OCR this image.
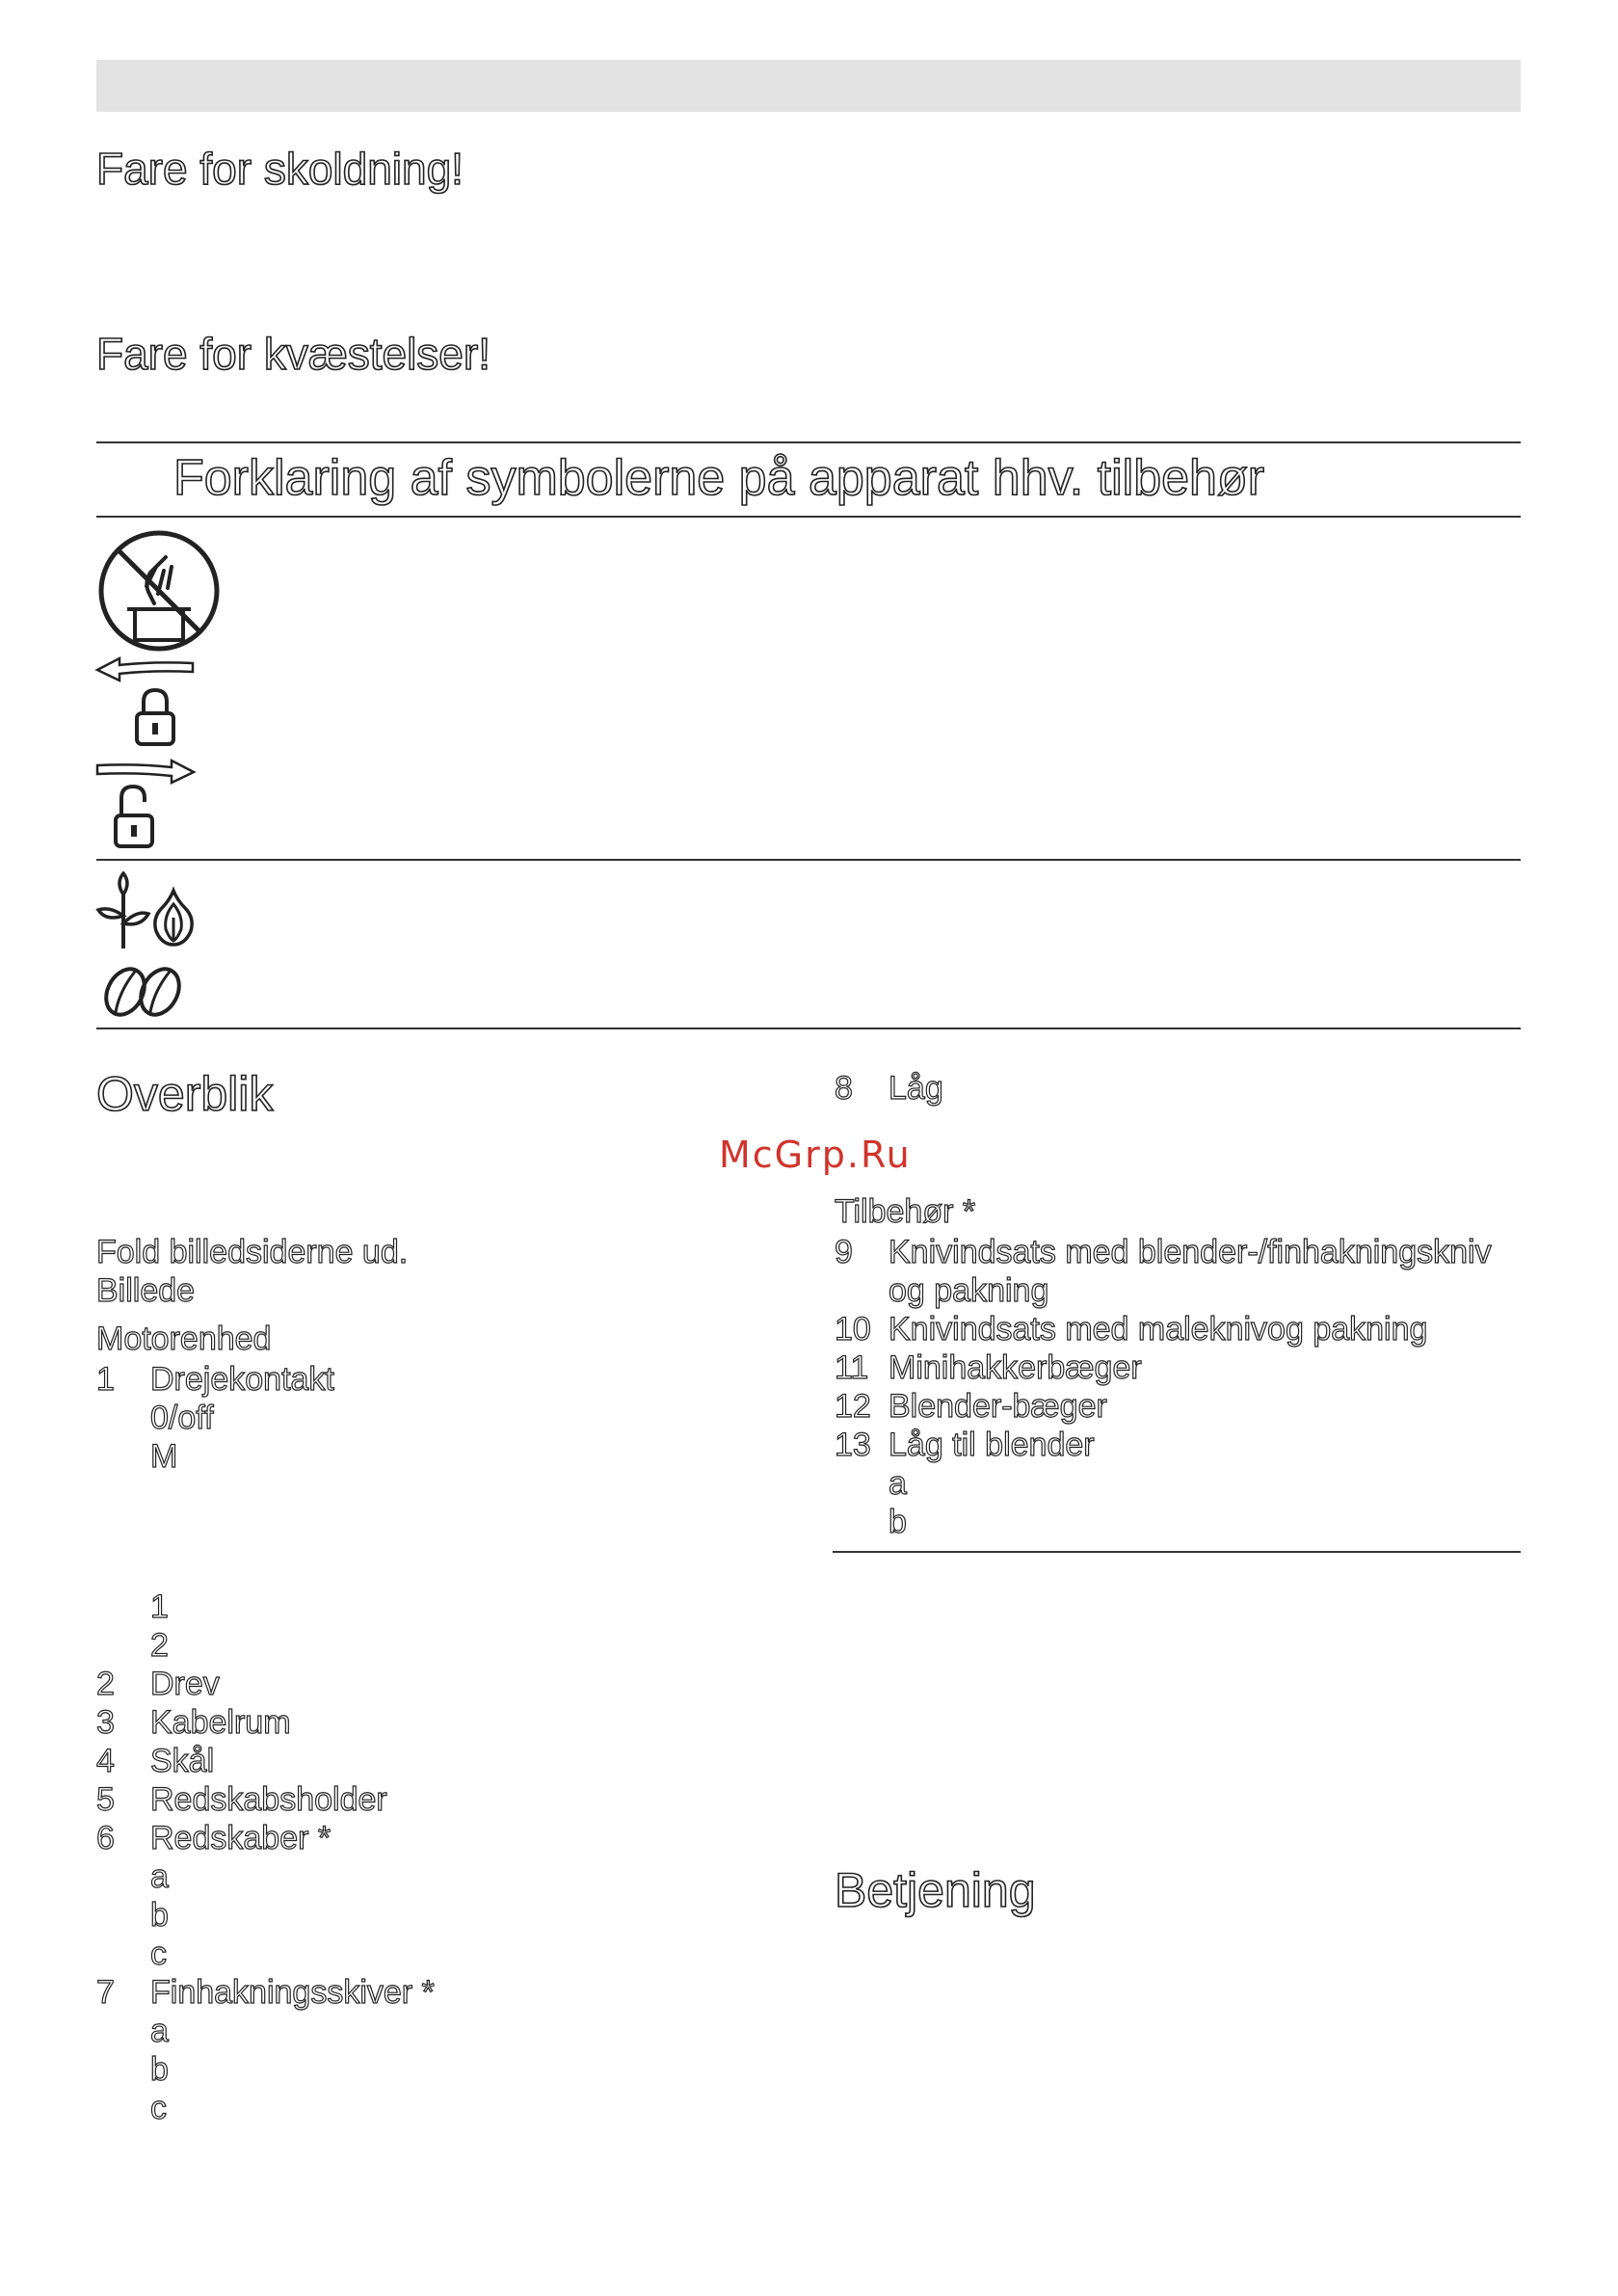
Fare for skoldning!
Fare for kvæstelser!
Forklaring af symbolerne på apparat hhv. tilbehør
Overblik
Fold billedsiderne ud.
Billede
Motorenhed
1 Drejekontakt
0/off
M
1
2
2 Drev
3 Kabelrum
4 Skål
5 Redskabsholder
6 Redskaber *
a
b
c
7 Finhakningsskiver *
a
b
c
McGrp.Ru
8 Låg
Tilbehør *
9 Knivindsats med blender-/finhakningskniv
og pakning
10 Knivindsats med maleknivog pakning
11 Minihakkerbæger
12 Blender-bæger
13 Låg til blender
a
b
Betjening
